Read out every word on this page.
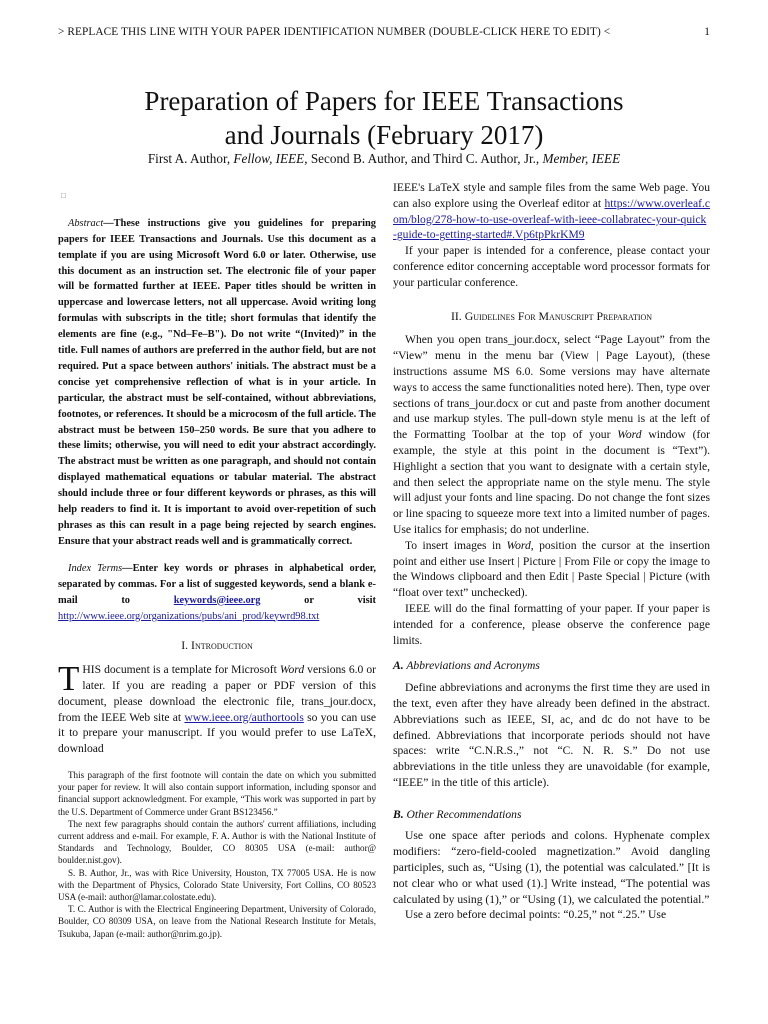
> REPLACE THIS LINE WITH YOUR PAPER IDENTIFICATION NUMBER (DOUBLE-CLICK HERE TO EDIT) <	1
Preparation of Papers for IEEE Transactions
and Journals (February 2017)
First A. Author, Fellow, IEEE, Second B. Author, and Third C. Author, Jr., Member, IEEE
□

Abstract—These instructions give you guidelines for preparing papers for IEEE Transactions and Journals. Use this document as a template if you are using Microsoft Word 6.0 or later. Otherwise, use this document as an instruction set. The electronic file of your paper will be formatted further at IEEE. Paper titles should be written in uppercase and lowercase letters, not all uppercase. Avoid writing long formulas with subscripts in the title; short formulas that identify the elements are fine (e.g., "Nd–Fe–B"). Do not write “(Invited)” in the title. Full names of authors are preferred in the author field, but are not required. Put a space between authors' initials. The abstract must be a concise yet comprehensive reflection of what is in your article. In particular, the abstract must be self-contained, without abbreviations, footnotes, or references. It should be a microcosm of the full article. The abstract must be between 150–250 words. Be sure that you adhere to these limits; otherwise, you will need to edit your abstract accordingly. The abstract must be written as one paragraph, and should not contain displayed mathematical equations or tabular material. The abstract should include three or four different keywords or phrases, as this will help readers to find it. It is important to avoid over-repetition of such phrases as this can result in a page being rejected by search engines. Ensure that your abstract reads well and is grammatically correct.

Index Terms—Enter key words or phrases in alphabetical order, separated by commas. For a list of suggested keywords, send a blank e-mail to keywords@ieee.org or visit http://www.ieee.org/organizations/pubs/ani_prod/keywrd98.txt

I. Introduction

THIS document is a template for Microsoft Word versions 6.0 or later. If you are reading a paper or PDF version of this document, please download the electronic file, trans_jour.docx, from the IEEE Web site at www.ieee.org/authortools so you can use it to prepare your manuscript. If you would prefer to use LaTeX, download

This paragraph of the first footnote will contain the date on which you submitted your paper for review. It will also contain support information, including sponsor and financial support acknowledgment. For example, “This work was supported in part by the U.S. Department of Commerce under Grant BS123456.”

The next few paragraphs should contain the authors' current affiliations, including current address and e-mail. For example, F. A. Author is with the National Institute of Standards and Technology, Boulder, CO 80305 USA (e-mail: author@ boulder.nist.gov).

S. B. Author, Jr., was with Rice University, Houston, TX 77005 USA. He is now with the Department of Physics, Colorado State University, Fort Collins, CO 80523 USA (e-mail: author@lamar.colostate.edu).

T. C. Author is with the Electrical Engineering Department, University of Colorado, Boulder, CO 80309 USA, on leave from the National Research Institute for Metals, Tsukuba, Japan (e-mail: author@nrim.go.jp).

IEEE's LaTeX style and sample files from the same Web page. You can also explore using the Overleaf editor at https://www.overleaf.com/blog/278-how-to-use-overleaf-with-ieee-collabratec-your-quick-guide-to-getting-started#.Vp6tpPkrKM9

If your paper is intended for a conference, please contact your conference editor concerning acceptable word processor formats for your particular conference.

II. Guidelines For Manuscript Preparation

When you open trans_jour.docx, select “Page Layout” from the “View” menu in the menu bar (View | Page Layout), (these instructions assume MS 6.0. Some versions may have alternate ways to access the same functionalities noted here). Then, type over sections of trans_jour.docx or cut and paste from another document and use markup styles. The pull-down style menu is at the left of the Formatting Toolbar at the top of your Word window (for example, the style at this point in the document is “Text”). Highlight a section that you want to designate with a certain style, and then select the appropriate name on the style menu. The style will adjust your fonts and line spacing. Do not change the font sizes or line spacing to squeeze more text into a limited number of pages. Use italics for emphasis; do not underline.

To insert images in Word, position the cursor at the insertion point and either use Insert | Picture | From File or copy the image to the Windows clipboard and then Edit | Paste Special | Picture (with “float over text” unchecked).

IEEE will do the final formatting of your paper. If your paper is intended for a conference, please observe the conference page limits.

A. Abbreviations and Acronyms

Define abbreviations and acronyms the first time they are used in the text, even after they have already been defined in the abstract. Abbreviations such as IEEE, SI, ac, and dc do not have to be defined. Abbreviations that incorporate periods should not have spaces: write “C.N.R.S.,” not “C. N. R. S.” Do not use abbreviations in the title unless they are unavoidable (for example, “IEEE” in the title of this article).

B. Other Recommendations

Use one space after periods and colons. Hyphenate complex modifiers: “zero-field-cooled magnetization.” Avoid dangling participles, such as, “Using (1), the potential was calculated.” [It is not clear who or what used (1).] Write instead, “The potential was calculated by using (1),” or “Using (1), we calculated the potential.”

Use a zero before decimal points: “0.25,” not “.25.” Use
